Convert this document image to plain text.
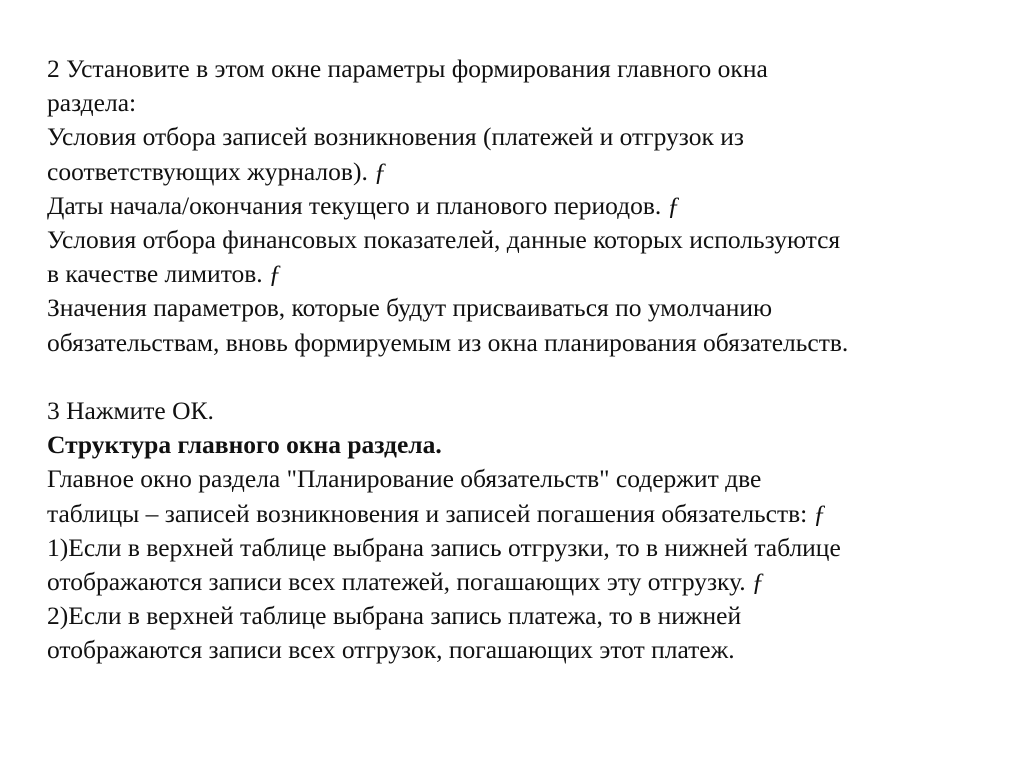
2 Установите в этом окне параметры формирования главного окна
раздела:
Условия отбора записей возникновения (платежей и отгрузок из
соответствующих журналов). ƒ
Даты начала/окончания текущего и планового периодов. ƒ
Условия отбора финансовых показателей, данные которых используются
в качестве лимитов. ƒ
Значения параметров, которые будут присваиваться по умолчанию
обязательствам, вновь формируемым из окна планирования обязательств.
3 Нажмите ОК.
Структура главного окна раздела.
Главное окно раздела "Планирование обязательств" содержит две
таблицы – записей возникновения и записей погашения обязательств: ƒ
1)Если в верхней таблице выбрана запись отгрузки, то в нижней таблице
отображаются записи всех платежей, погашающих эту отгрузку. ƒ
2)Если в верхней таблице выбрана запись платежа, то в нижней
отображаются записи всех отгрузок, погашающих этот платеж.
